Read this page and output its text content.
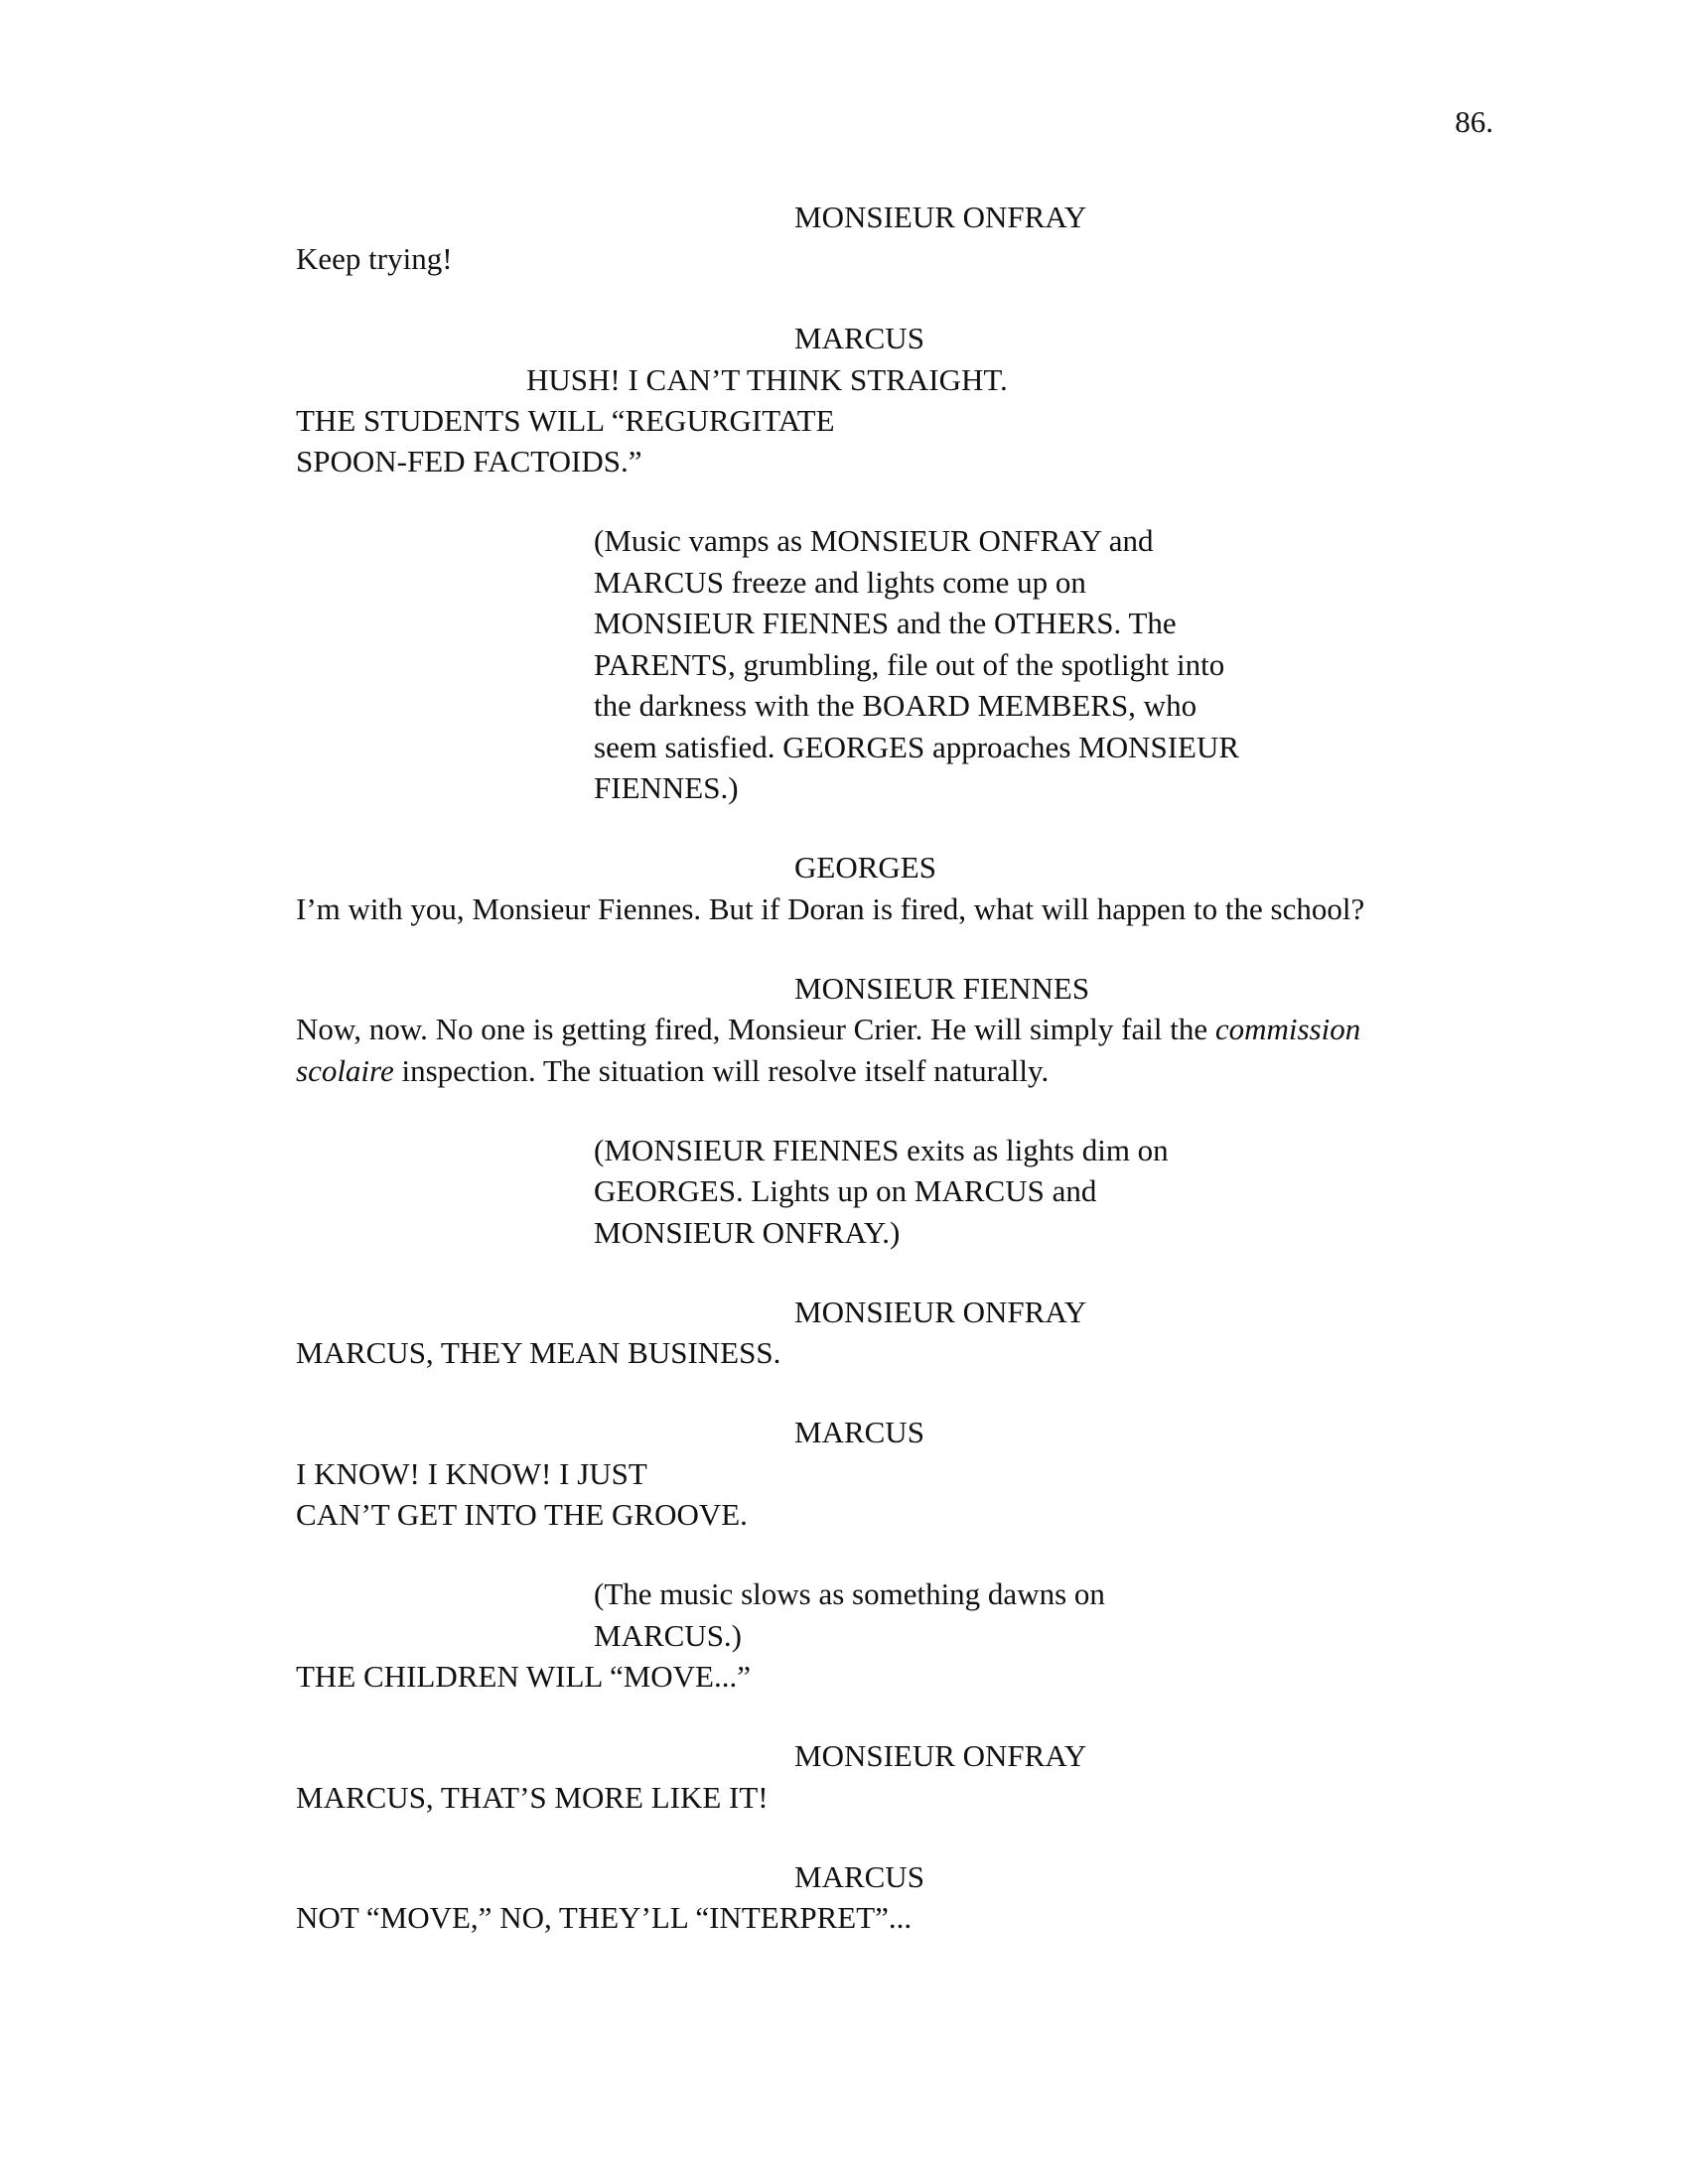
86.
MONSIEUR ONFRAY
Keep trying!
MARCUS
HUSH! I CAN’T THINK STRAIGHT.
THE STUDENTS WILL “REGURGITATE
SPOON-FED FACTOIDS.”
(Music vamps as MONSIEUR ONFRAY and
MARCUS freeze and lights come up on
MONSIEUR FIENNES and the OTHERS. The
PARENTS, grumbling, file out of the spotlight into
the darkness with the BOARD MEMBERS, who
seem satisfied. GEORGES approaches MONSIEUR
FIENNES.)
GEORGES
I’m with you, Monsieur Fiennes. But if Doran is fired, what will happen to the school?
MONSIEUR FIENNES
Now, now. No one is getting fired, Monsieur Crier. He will simply fail the commission
scolaire inspection. The situation will resolve itself naturally.
(MONSIEUR FIENNES exits as lights dim on
GEORGES. Lights up on MARCUS and
MONSIEUR ONFRAY.)
MONSIEUR ONFRAY
MARCUS, THEY MEAN BUSINESS.
MARCUS
I KNOW! I KNOW! I JUST
CAN’T GET INTO THE GROOVE.
(The music slows as something dawns on
MARCUS.)
THE CHILDREN WILL “MOVE...”
MONSIEUR ONFRAY
MARCUS, THAT’S MORE LIKE IT!
MARCUS
NOT “MOVE,” NO, THEY’LL “INTERPRET”...
